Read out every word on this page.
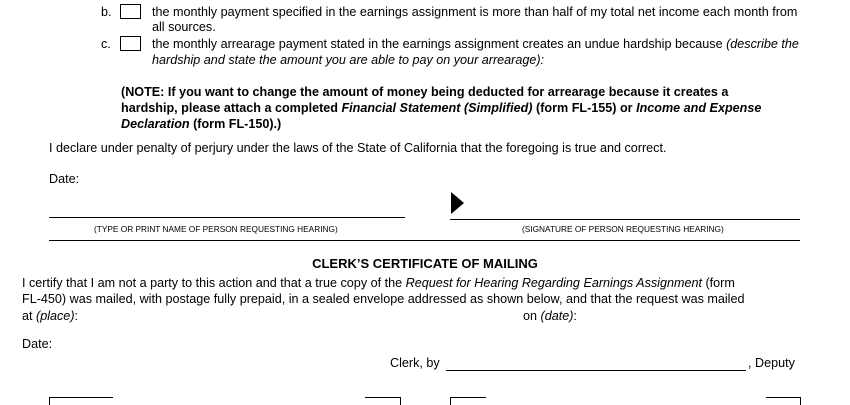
b.	the monthly payment specified in the earnings assignment is more than half of my total net income each month from
all sources.
c.	the monthly arrearage payment stated in the earnings assignment creates an undue hardship because (describe the
hardship and state the amount you are able to pay on your arrearage):
(NOTE: If you want to change the amount of money being deducted for arrearage because it creates a
hardship, please attach a completed Financial Statement (Simplified) (form FL-155) or Income and Expense
Declaration (form FL-150).)
I declare under penalty of perjury under the laws of the State of California that the foregoing is true and correct.
Date:
(TYPE OR PRINT NAME OF PERSON REQUESTING HEARING)	(SIGNATURE OF PERSON REQUESTING HEARING)
CLERK’S CERTIFICATE OF MAILING
I certify that I am not a party to this action and that a true copy of the Request for Hearing Regarding Earnings Assignment (form
FL-450) was mailed, with postage fully prepaid, in a sealed envelope addressed as shown below, and that the request was mailed
at (place):	on (date):
Date:
Clerk, by	, Deputy
